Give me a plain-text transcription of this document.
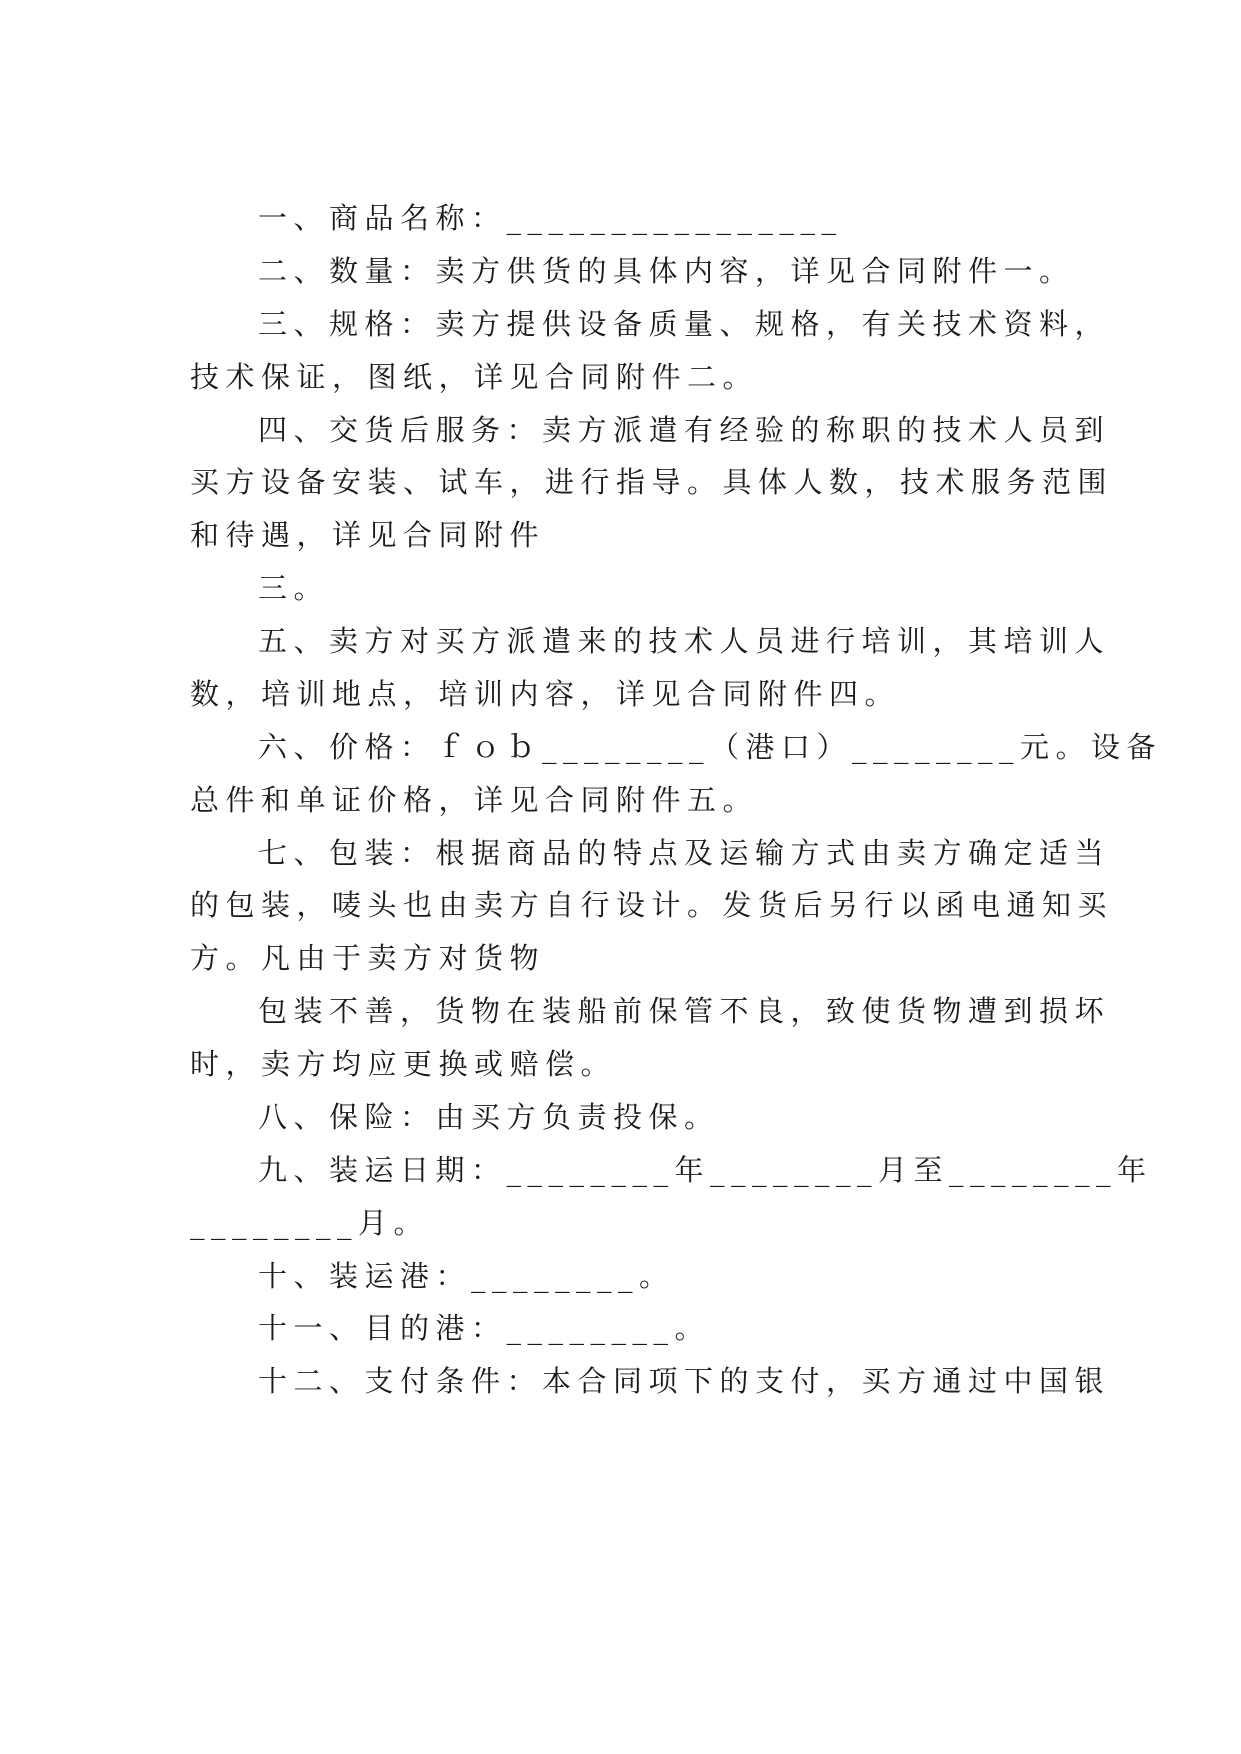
一、商品名称：________________
二、数量：卖方供货的具体内容，详见合同附件一。
三、规格：卖方提供设备质量、规格，有关技术资料，
技术保证，图纸，详见合同附件二。
四、交货后服务：卖方派遣有经验的称职的技术人员到
买方设备安装、试车，进行指导。具体人数，技术服务范围
和待遇，详见合同附件
三。
五、卖方对买方派遣来的技术人员进行培训，其培训人
数，培训地点，培训内容，详见合同附件四。
六、价格：ｆｏｂ________（港口）________元。设备
总件和单证价格，详见合同附件五。
七、包装：根据商品的特点及运输方式由卖方确定适当
的包装，唛头也由卖方自行设计。发货后另行以函电通知买
方。凡由于卖方对货物
包装不善，货物在装船前保管不良，致使货物遭到损坏
时，卖方均应更换或赔偿。
八、保险：由买方负责投保。
九、装运日期：________年________月至________年
________月。
十、装运港：________。
十一、目的港：________。
十二、支付条件：本合同项下的支付，买方通过中国银
